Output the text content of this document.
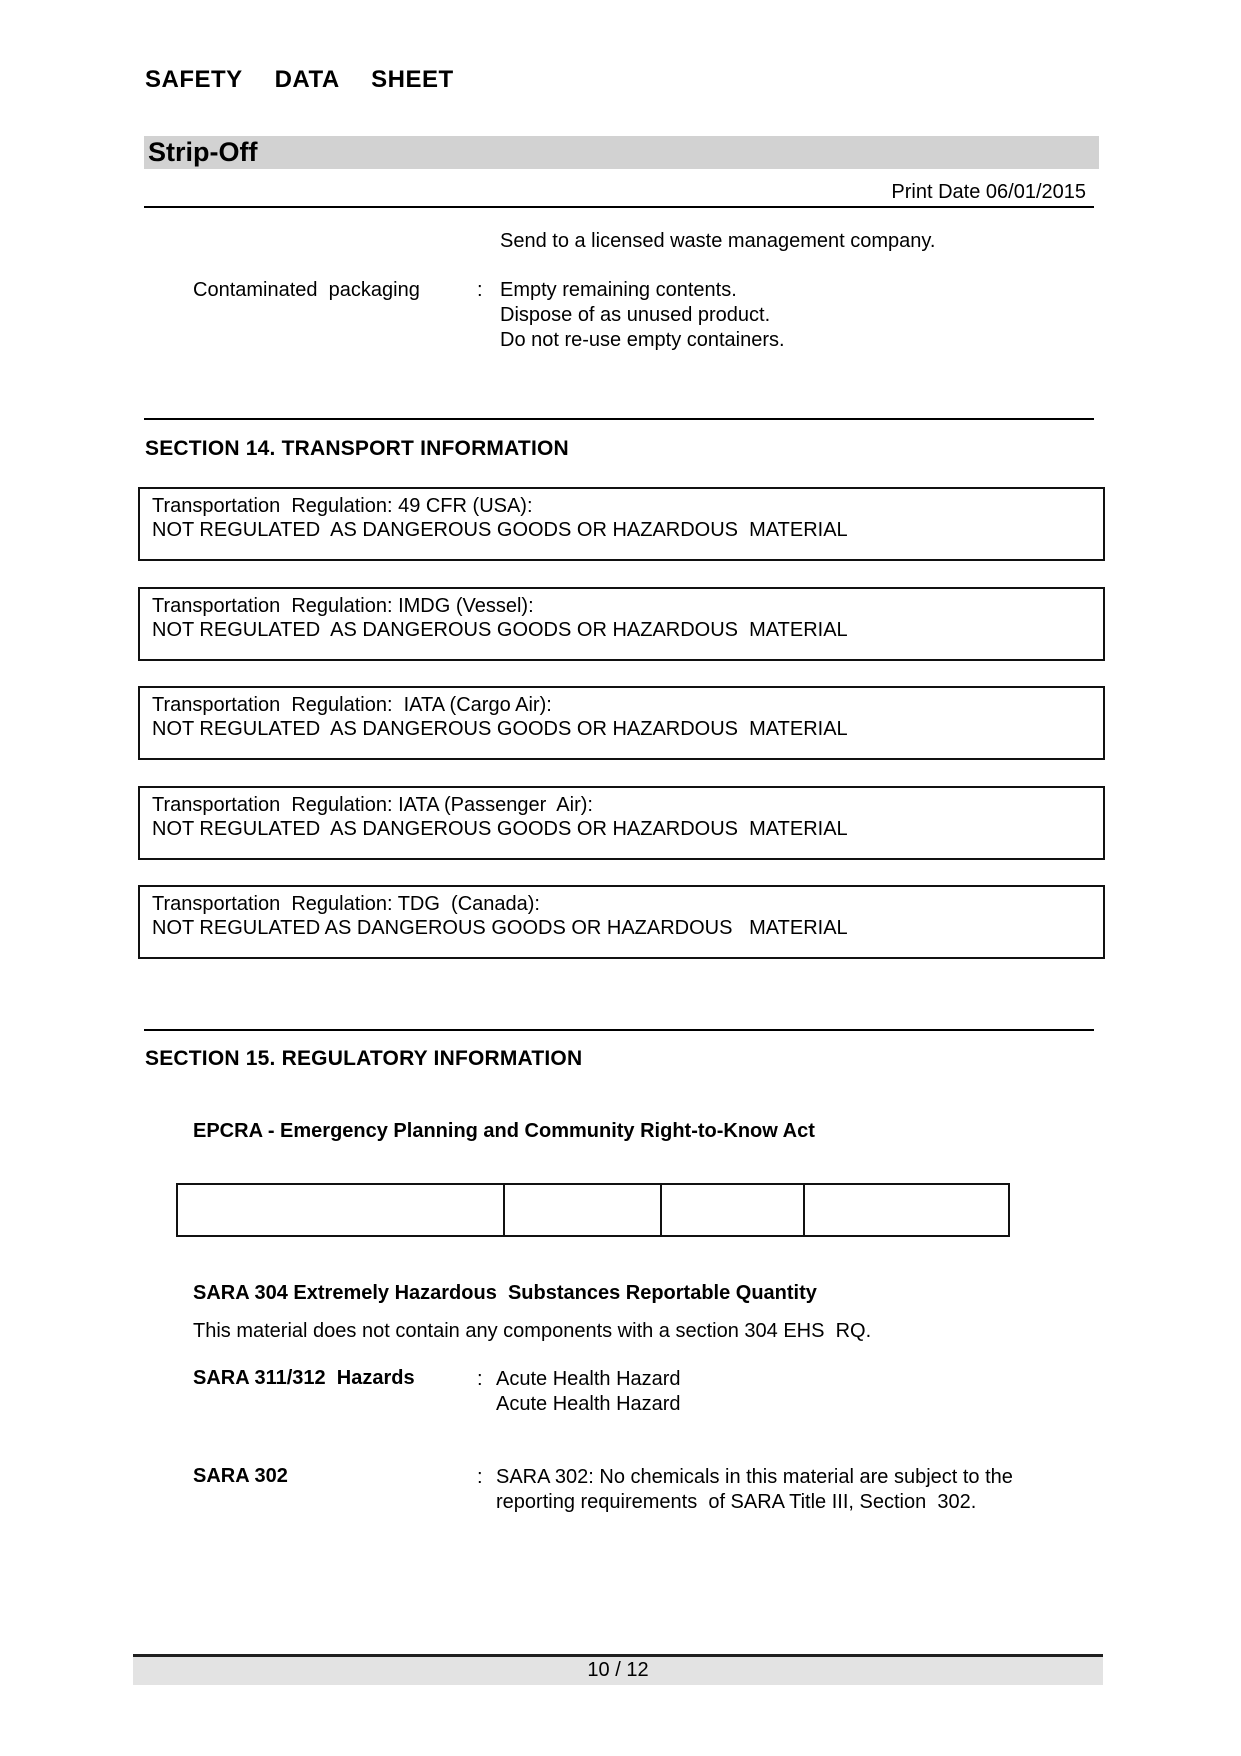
SAFETY  DATA  SHEET
Strip-Off
Print Date 06/01/2015
Send to a licensed waste management company.
Contaminated  packaging	: Empty remaining contents.
Dispose of as unused product.
Do not re-use empty containers.
SECTION 14. TRANSPORT INFORMATION
Transportation  Regulation: 49 CFR (USA):
NOT REGULATED  AS DANGEROUS GOODS OR HAZARDOUS  MATERIAL
Transportation  Regulation: IMDG (Vessel):
NOT REGULATED  AS DANGEROUS GOODS OR HAZARDOUS  MATERIAL
Transportation  Regulation:  IATA (Cargo Air):
NOT REGULATED  AS DANGEROUS GOODS OR HAZARDOUS  MATERIAL
Transportation  Regulation: IATA (Passenger  Air):
NOT REGULATED  AS DANGEROUS GOODS OR HAZARDOUS  MATERIAL
Transportation  Regulation: TDG  (Canada):
NOT REGULATED AS DANGEROUS GOODS OR HAZARDOUS   MATERIAL
SECTION 15. REGULATORY INFORMATION
EPCRA - Emergency Planning and Community Right-to-Know Act
SARA 304 Extremely Hazardous  Substances Reportable Quantity
This material does not contain any components with a section 304 EHS  RQ.
SARA 311/312  Hazards	: Acute Health Hazard
Acute Health Hazard
SARA 302	: SARA 302: No chemicals in this material are subject to the
reporting requirements  of SARA Title III, Section  302.
10 / 12
